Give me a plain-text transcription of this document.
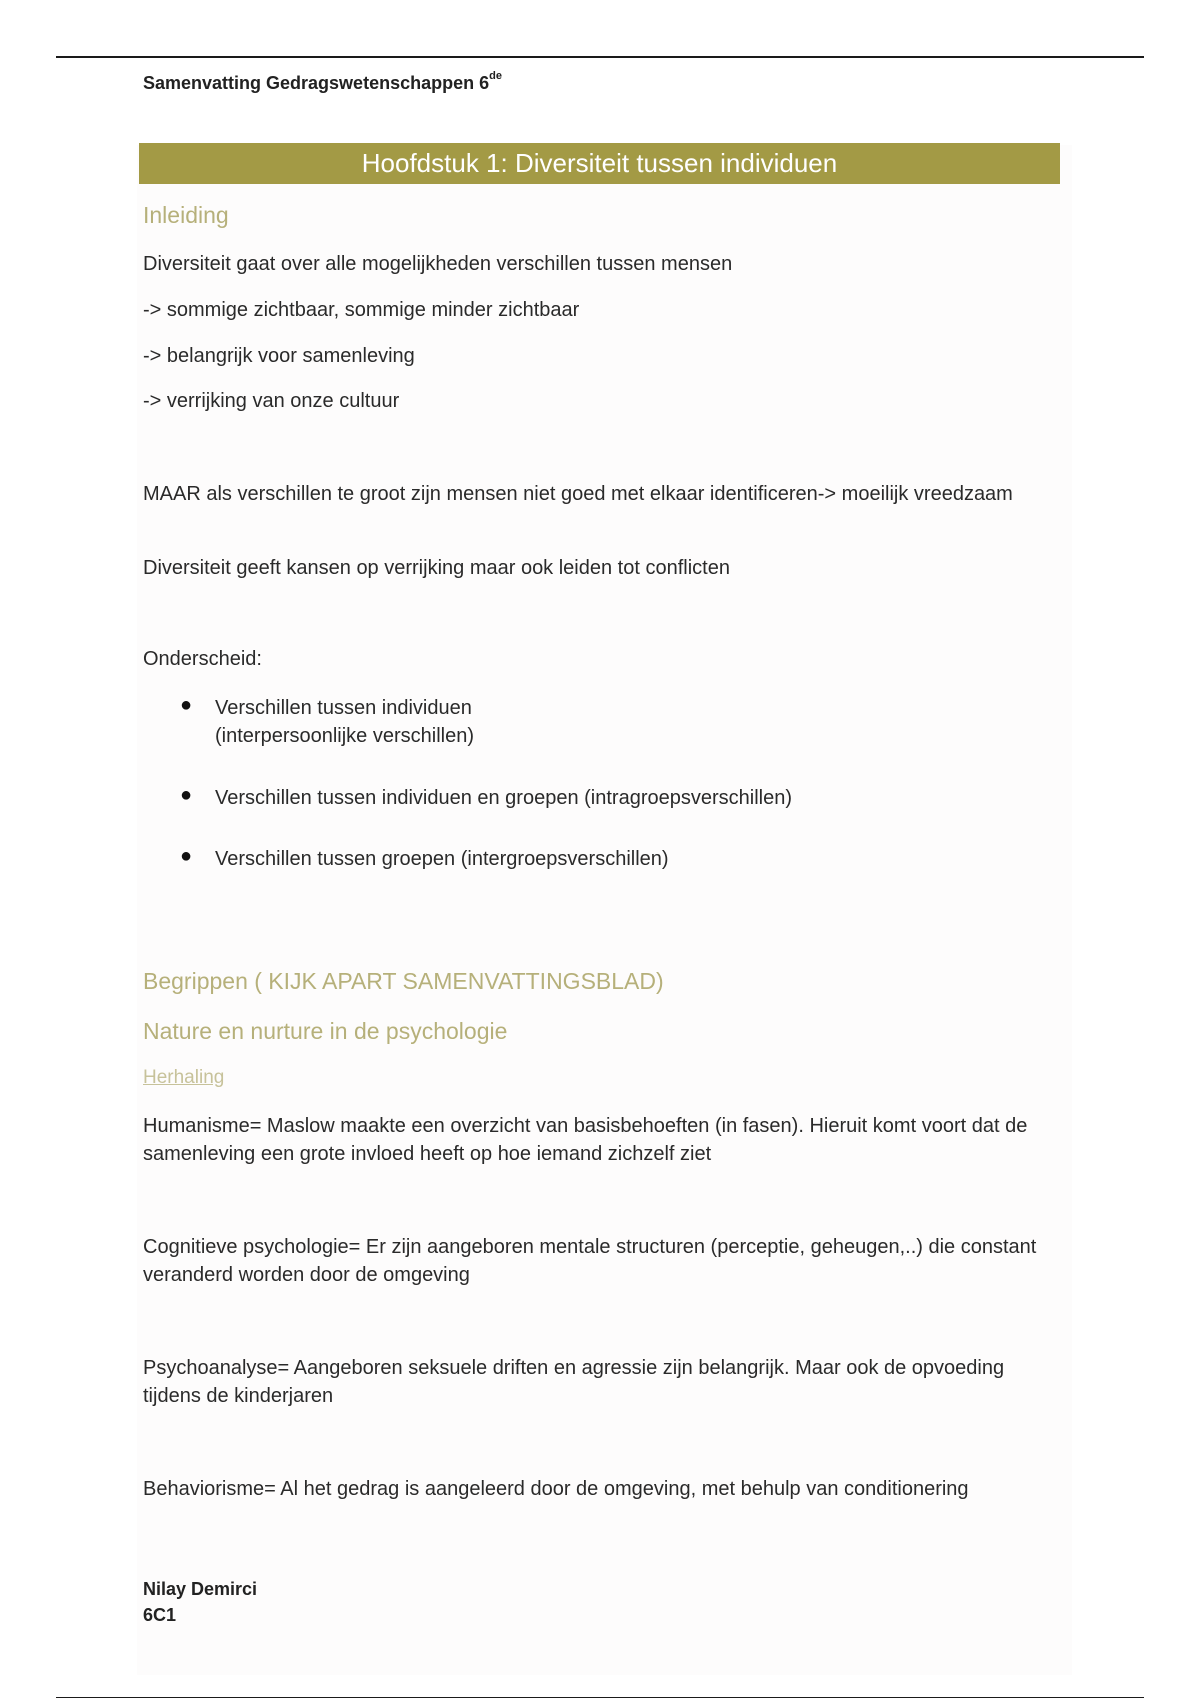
Samenvatting Gedragswetenschappen 6de
Hoofdstuk 1: Diversiteit tussen individuen
Inleiding
Diversiteit gaat over alle mogelijkheden verschillen tussen mensen
-> sommige zichtbaar, sommige minder zichtbaar
-> belangrijk voor samenleving
-> verrijking van onze cultuur
MAAR als verschillen te groot zijn mensen niet goed met elkaar identificeren-> moeilijk vreedzaam
Diversiteit geeft kansen op verrijking maar ook leiden tot conflicten
Onderscheid:
● Verschillen tussen individuen
(interpersoonlijke verschillen)
● Verschillen tussen individuen en groepen (intragroepsverschillen)
● Verschillen tussen groepen (intergroepsverschillen)
Begrippen ( KIJK APART SAMENVATTINGSBLAD)
Nature en nurture in de psychologie
Herhaling
Humanisme= Maslow maakte een overzicht van basisbehoeften (in fasen). Hieruit komt voort dat de samenleving een grote invloed heeft op hoe iemand zichzelf ziet
Cognitieve psychologie= Er zijn aangeboren mentale structuren (perceptie, geheugen,..) die constant veranderd worden door de omgeving
Psychoanalyse= Aangeboren seksuele driften en agressie zijn belangrijk. Maar ook de opvoeding tijdens de kinderjaren
Behaviorisme= Al het gedrag is aangeleerd door de omgeving, met behulp van conditionering
Nilay Demirci
6C1
